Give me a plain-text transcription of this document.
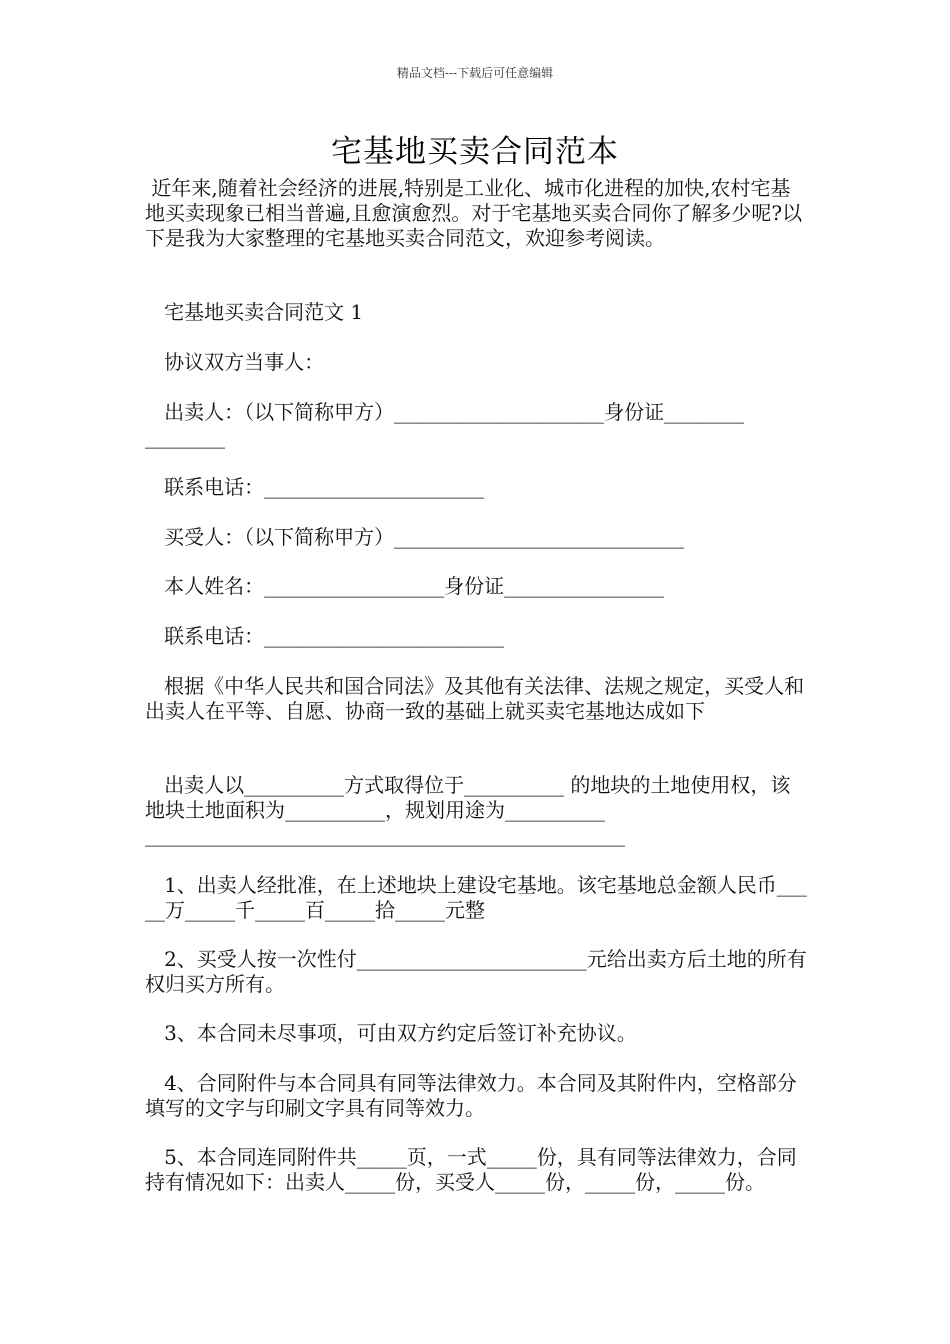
精品文档---下载后可任意编辑
宅基地买卖合同范本
近年来,随着社会经济的进展,特别是工业化、城市化进程的加快,农村宅基地买卖现象已相当普遍,且愈演愈烈。对于宅基地买卖合同你了解多少呢?以下是我为大家整理的宅基地买卖合同范文，欢迎参考阅读。
宅基地买卖合同范文 1
协议双方当事人：
出卖人：（以下简称甲方）_____________________身份证________
________
联系电话：______________________
买受人：（以下简称甲方）_____________________________
本人姓名：__________________身份证________________
联系电话：________________________
根据《中华人民共和国合同法》及其他有关法律、法规之规定，买受人和出卖人在平等、自愿、协商一致的基础上就买卖宅基地达成如下
出卖人以__________方式取得位于__________ 的地块的土地使用权，该地块土地面积为__________，规划用途为__________
________________________________________________
1、出卖人经批准，在上述地块上建设宅基地。该宅基地总金额人民币_____万_____千_____百_____拾_____元整
2、买受人按一次性付_______________________元给出卖方后土地的所有权归买方所有。
3、本合同未尽事项，可由双方约定后签订补充协议。
4、合同附件与本合同具有同等法律效力。本合同及其附件内，空格部分填写的文字与印刷文字具有同等效力。
5、本合同连同附件共_____页，一式_____份，具有同等法律效力，合同持有情况如下：出卖人_____份，买受人_____份，_____份，_____份。
